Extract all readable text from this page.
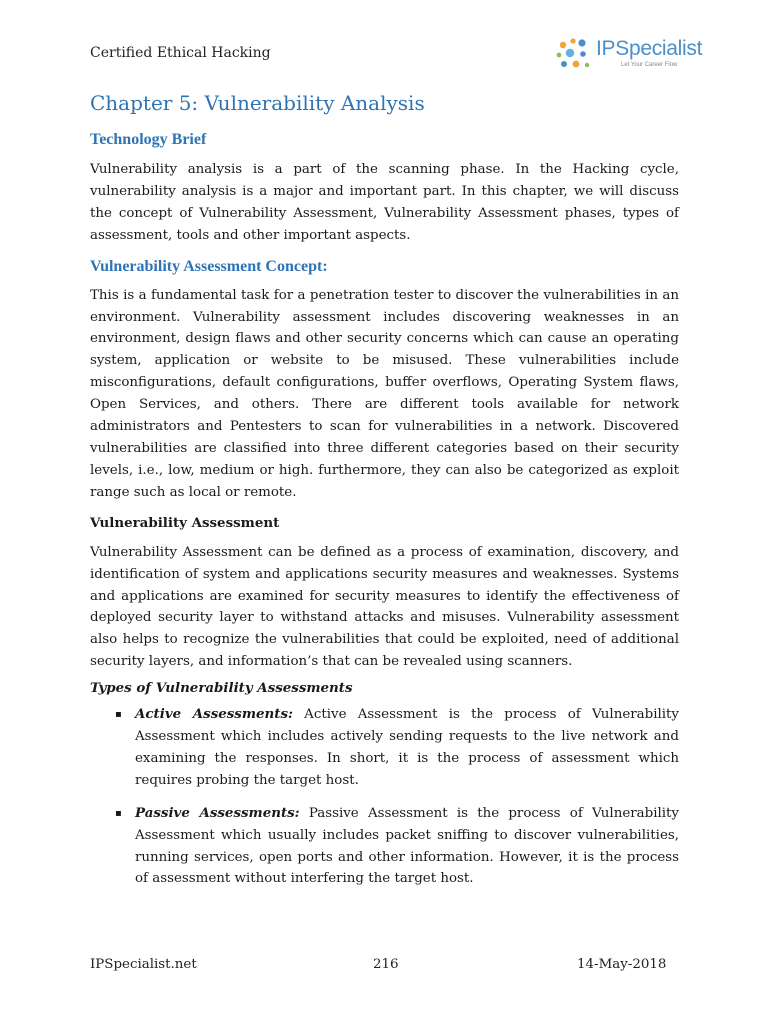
Certified Ethical Hacking	IPSpecialist
Let Your Career Flow
Chapter 5: Vulnerability Analysis
Technology Brief

Vulnerability analysis is a part of the scanning phase. In the Hacking cycle, vulnerability analysis is a major and important part. In this chapter, we will discuss the concept of Vulnerability Assessment, Vulnerability Assessment phases, types of assessment, tools and other important aspects.

Vulnerability Assessment Concept:

This is a fundamental task for a penetration tester to discover the vulnerabilities in an environment. Vulnerability assessment includes discovering weaknesses in an environment, design flaws and other security concerns which can cause an operating system, application or website to be misused. These vulnerabilities include misconfigurations, default configurations, buffer overflows, Operating System flaws, Open Services, and others. There are different tools available for network administrators and Pentesters to scan for vulnerabilities in a network. Discovered vulnerabilities are classified into three different categories based on their security levels, i.e., low, medium or high. furthermore, they can also be categorized as exploit range such as local or remote.

Vulnerability Assessment

Vulnerability Assessment can be defined as a process of examination, discovery, and identification of system and applications security measures and weaknesses. Systems and applications are examined for security measures to identify the effectiveness of deployed security layer to withstand attacks and misuses. Vulnerability assessment also helps to recognize the vulnerabilities that could be exploited, need of additional security layers, and information’s that can be revealed using scanners.

Types of Vulnerability Assessments
▪ Active Assessments: Active Assessment is the process of Vulnerability Assessment which includes actively sending requests to the live network and examining the responses. In short, it is the process of assessment which requires probing the target host.
▪ Passive Assessments: Passive Assessment is the process of Vulnerability Assessment which usually includes packet sniffing to discover vulnerabilities, running services, open ports and other information. However, it is the process of assessment without interfering the target host.
IPSpecialist.net	216	14-May-2018
